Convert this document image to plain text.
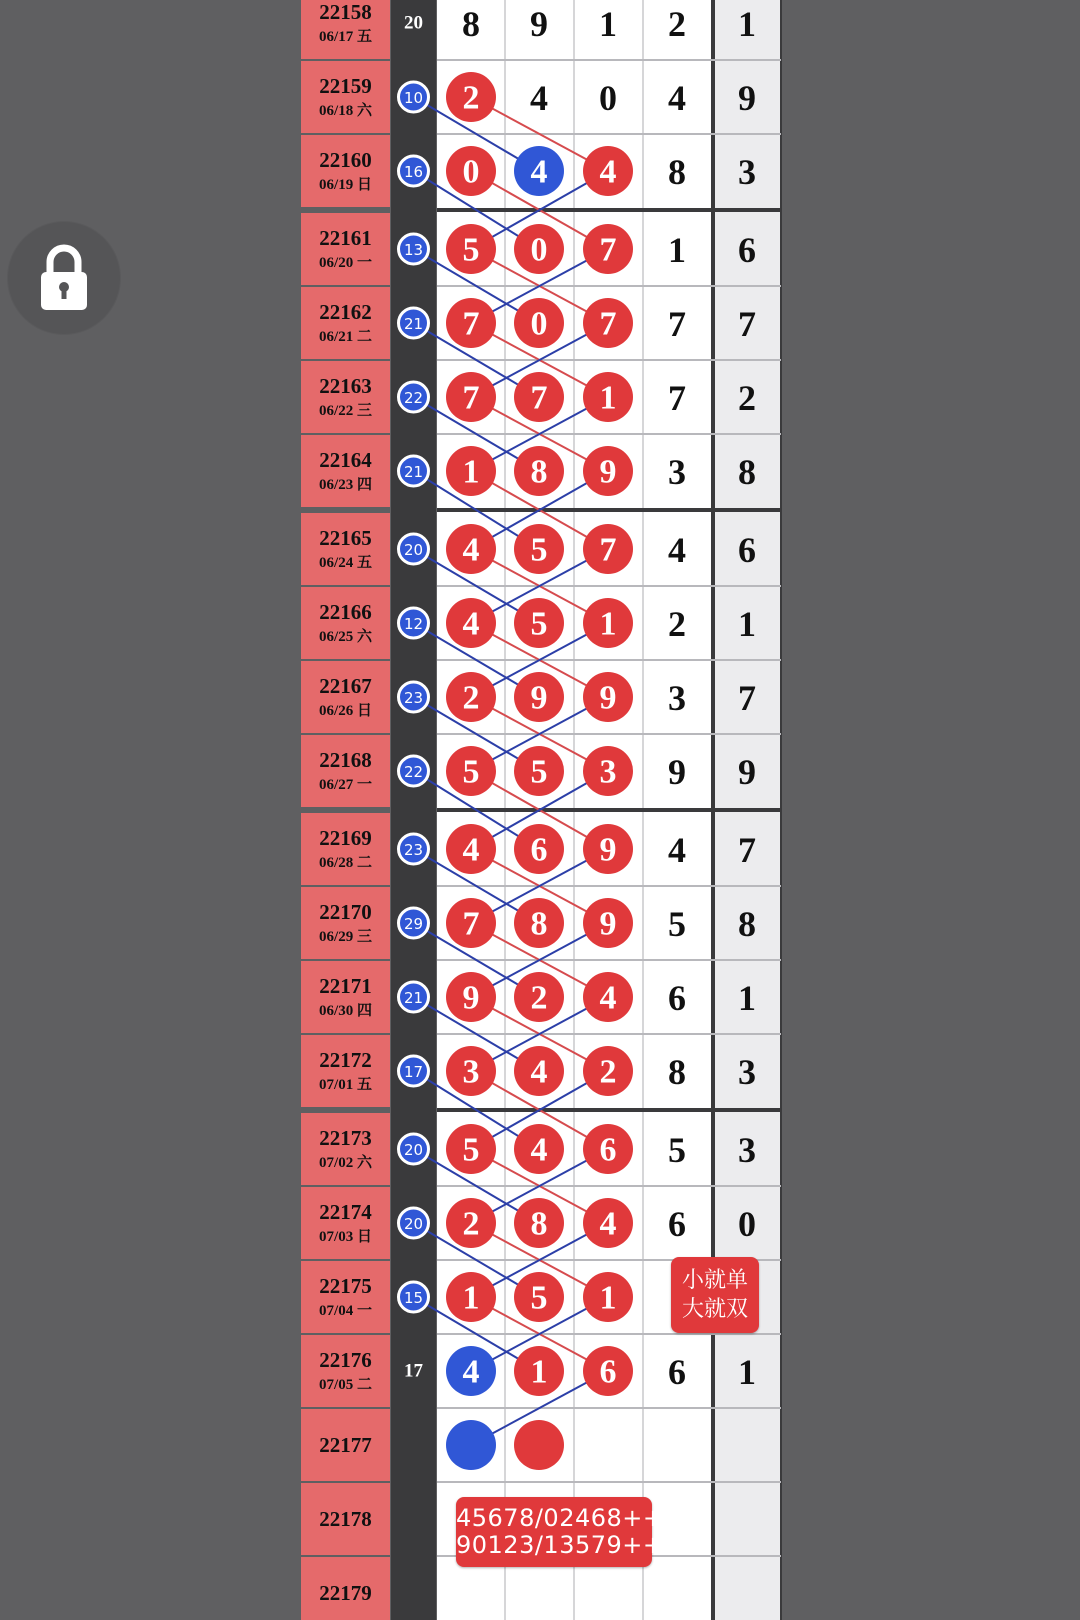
22158
06/17 五
22159
06/18 六
22160
06/19 日
22161
06/20 一
22162
06/21 二
22163
06/22 三
22164
06/23 四
22165
06/24 五
22166
06/25 六
22167
06/26 日
22168
06/27 一
22169
06/28 二
22170
06/29 三
22171
06/30 四
22172
07/01 五
22173
07/02 六
22174
07/03 日
22175
07/04 一
22176
07/05 二
22177
22178
22179
20
10
16
13
21
22
21
20
12
23
22
23
29
21
17
20
20
15
17
8 9 1 2 1
2 4 0 4 9
0 4 4 8 3
5 0 7 1 6
7 0 7 7 7
7 7 1 7 2
1 8 9 3 8
4 5 7 4 6
4 5 1 2 1
2 9 9 3 7
5 5 3 9 9
4 6 9 4 7
7 8 9 5 8
9 2 4 6 1
3 4 2 8 3
5 4 6 5 3
2 8 4 6 0
1 5 1
4 1 6 6 1
小就单
大就双
45678/02468++
90123/13579++
